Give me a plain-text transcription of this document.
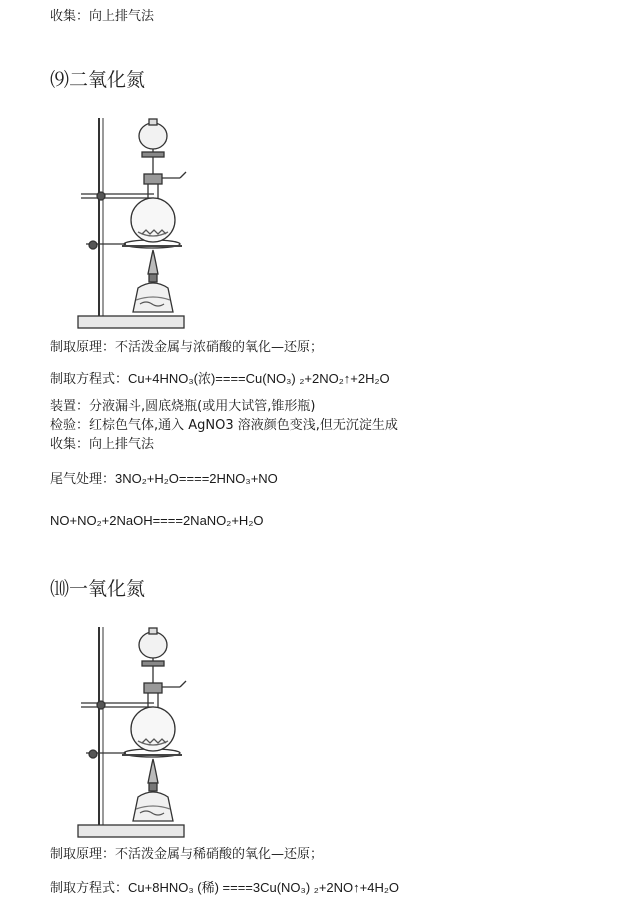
收集：向上排气法
⑼二氧化氮
制取原理：不活泼金属与浓硝酸的氧化—还原；
制取方程式：Cu+4HNO₃(浓)====Cu(NO₃) ₂+2NO₂↑+2H₂O
装置：分液漏斗,圆底烧瓶(或用大试管,锥形瓶)
检验：红棕色气体,通入 AgNO3 溶液颜色变浅,但无沉淀生成
收集：向上排气法
尾气处理：3NO₂+H₂O====2HNO₃+NO
NO+NO₂+2NaOH====2NaNO₂+H₂O
⑽一氧化氮
制取原理：不活泼金属与稀硝酸的氧化—还原；
制取方程式：Cu+8HNO₃ (稀) ====3Cu(NO₃) ₂+2NO↑+4H₂O
